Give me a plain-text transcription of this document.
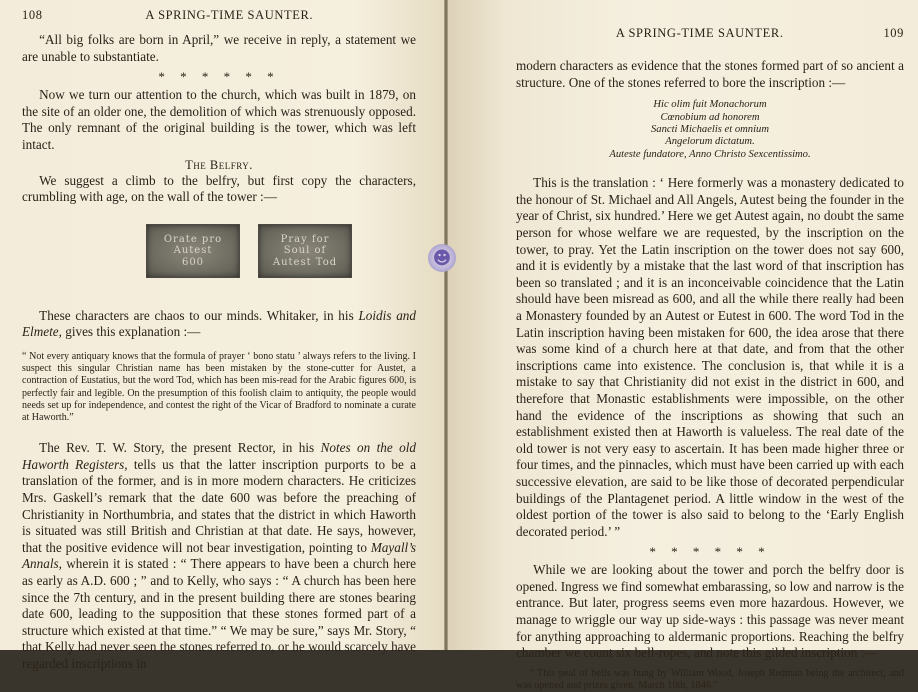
108	A SPRING-TIME SAUNTER.

“All big folks are born in April,” we receive in reply, a statement we are unable to substantiate.

* * * * * *

Now we turn our attention to the church, which was built in 1879, on the site of an older one, the demolition of which was strenuously opposed. The only remnant of the original building is the tower, which was left intact.

The Belfry.

We suggest a climb to the belfry, but first copy the characters, crumbling with age, on the wall of the tower :—

Orate pro
Autest
600
Pray for
Soul of
Autest Tod

These characters are chaos to our minds. Whitaker, in his Loidis and Elmete, gives this explanation :—

“ Not every antiquary knows that the formula of prayer ‘ bono statu ’ always refers to the living. I suspect this singular Christian name has been mistaken by the stone-cutter for Austet, a contraction of Eustatius, but the word Tod, which has been mis-read for the Arabic figures 600, is perfectly fair and legible. On the presumption of this foolish claim to antiquity, the people would needs set up for independence, and contest the right of the Vicar of Bradford to nominate a curate at Haworth.”

The Rev. T. W. Story, the present Rector, in his Notes on the old Haworth Registers, tells us that the latter inscription purports to be a translation of the former, and is in more modern characters. He criticizes Mrs. Gaskell’s remark that the date 600 was before the preaching of Christianity in Northumbria, and states that the district in which Haworth is situated was still British and Christian at that date. He says, however, that the positive evidence will not bear investigation, pointing to Mayall’s Annals, wherein it is stated : “ There appears to have been a church here as early as A.D. 600 ; ” and to Kelly, who says : “ A church has been here since the 7th century, and in the present building there are stones bearing date 600, leading to the supposition that these stones formed part of a structure which existed at that time.” “ We may be sure,” says Mr. Story, “ that Kelly had never seen the stones referred to, or he would scarcely have regarded inscriptions in

A SPRING-TIME SAUNTER.	109

modern characters as evidence that the stones formed part of so ancient a structure. One of the stones referred to bore the inscription :—

Hic olim fuit Monachorum
Cœnobium ad honorem
Sancti Michaelis et omnium
Angelorum dictatum.
Auteste fundatore, Anno Christo Sexcentissimo.

This is the translation : ‘ Here formerly was a monastery dedicated to the honour of St. Michael and All Angels, Autest being the founder in the year of Christ, six hundred.’ Here we get Autest again, no doubt the same person for whose welfare we are requested, by the inscription on the tower, to pray. Yet the Latin inscription on the tower does not say 600, and it is evidently by a mistake that the last word of that inscription has been so translated ; and it is an inconceivable coincidence that the Latin should have been misread as 600, and all the while there really had been a Monastery founded by an Autest or Eutest in 600. The word Tod in the Latin inscription having been mistaken for 600, the idea arose that there was some kind of a church here at that date, and from that the other inscriptions came into existence. The conclusion is, that while it is a mistake to say that Christianity did not exist in the district in 600, and therefore that Monastic establishments were impossible, on the other hand the evidence of the inscriptions as showing that such an establishment existed then at Haworth is valueless. The real date of the old tower is not very easy to ascertain. It has been made higher three or four times, and the pinnacles, which must have been carried up with each successive elevation, are said to be like those of decorated perpendicular buildings of the Plantagenet period. A little window in the west of the oldest portion of the tower is also said to belong to the ‘Early English decorated period.’ ”

* * * * * *

While we are looking about the tower and porch the belfry door is opened. Ingress we find somewhat embarassing, so low and narrow is the entrance. But later, progress seems even more hazardous. However, we manage to wriggle our way up side-ways : this passage was never meant for anything approaching to aldermanic proportions. Reaching the belfry chamber we count six bell-ropes, and note this gilded inscription :—

“ This peal of bells was hung by William Wood, Joseph Redman being the architect, and was opened and prizes given, March 10th, 1846.”

☻
